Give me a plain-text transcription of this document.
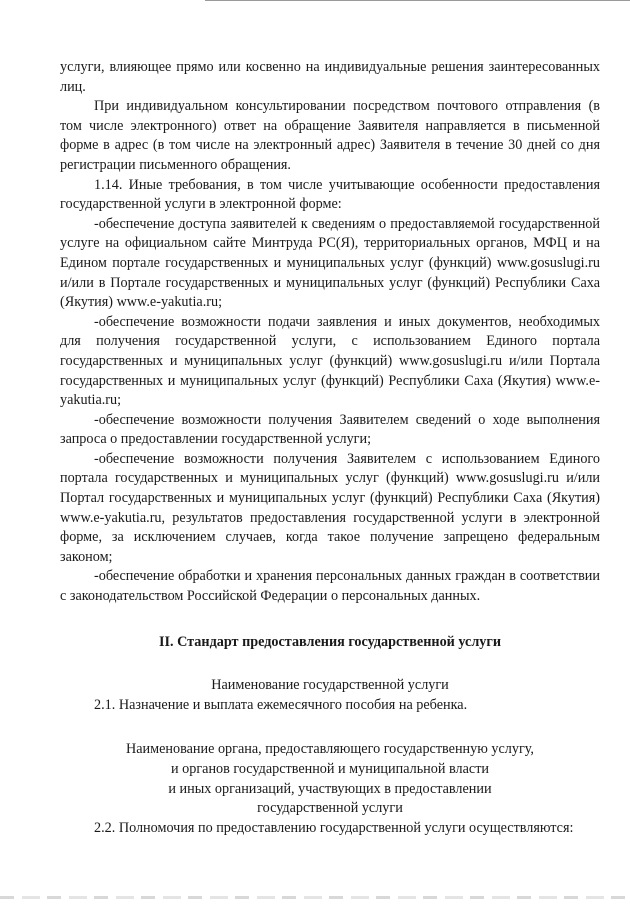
услуги, влияющее прямо или косвенно на индивидуальные решения заинтересованных лиц.

При индивидуальном консультировании посредством почтового отправления (в том числе электронного) ответ на обращение Заявителя направляется в письменной форме в адрес (в том числе на электронный адрес) Заявителя в течение 30 дней со дня регистрации письменного обращения.

1.14. Иные требования, в том числе учитывающие особенности предоставления государственной услуги в электронной форме:

-обеспечение доступа заявителей к сведениям о предоставляемой государственной услуге на официальном сайте Минтруда РС(Я), территориальных органов, МФЦ и на Едином портале государственных и муниципальных услуг (функций) www.gosuslugi.ru и/или в Портале государственных и муниципальных услуг (функций) Республики Саха (Якутия) www.e-yakutia.ru;

-обеспечение возможности подачи заявления и иных документов, необходимых для получения государственной услуги, с использованием Единого портала государственных и муниципальных услуг (функций) www.gosuslugi.ru и/или Портала государственных и муниципальных услуг (функций) Республики Саха (Якутия) www.e-yakutia.ru;

-обеспечение возможности получения Заявителем сведений о ходе выполнения запроса о предоставлении государственной услуги;

-обеспечение возможности получения Заявителем с использованием Единого портала государственных и муниципальных услуг (функций) www.gosuslugi.ru и/или Портал государственных и муниципальных услуг (функций) Республики Саха (Якутия) www.e-yakutia.ru, результатов предоставления государственной услуги в электронной форме, за исключением случаев, когда такое получение запрещено федеральным законом;

-обеспечение обработки и хранения персональных данных граждан в соответствии с законодательством Российской Федерации о персональных данных.

II. Стандарт предоставления государственной услуги
Наименование государственной услуги

2.1. Назначение и выплата ежемесячного пособия на ребенка.

Наименование органа, предоставляющего государственную услугу,
и органов государственной и муниципальной власти
и иных организаций, участвующих в предоставлении
государственной услуги

2.2. Полномочия по предоставлению государственной услуги осуществляются:
